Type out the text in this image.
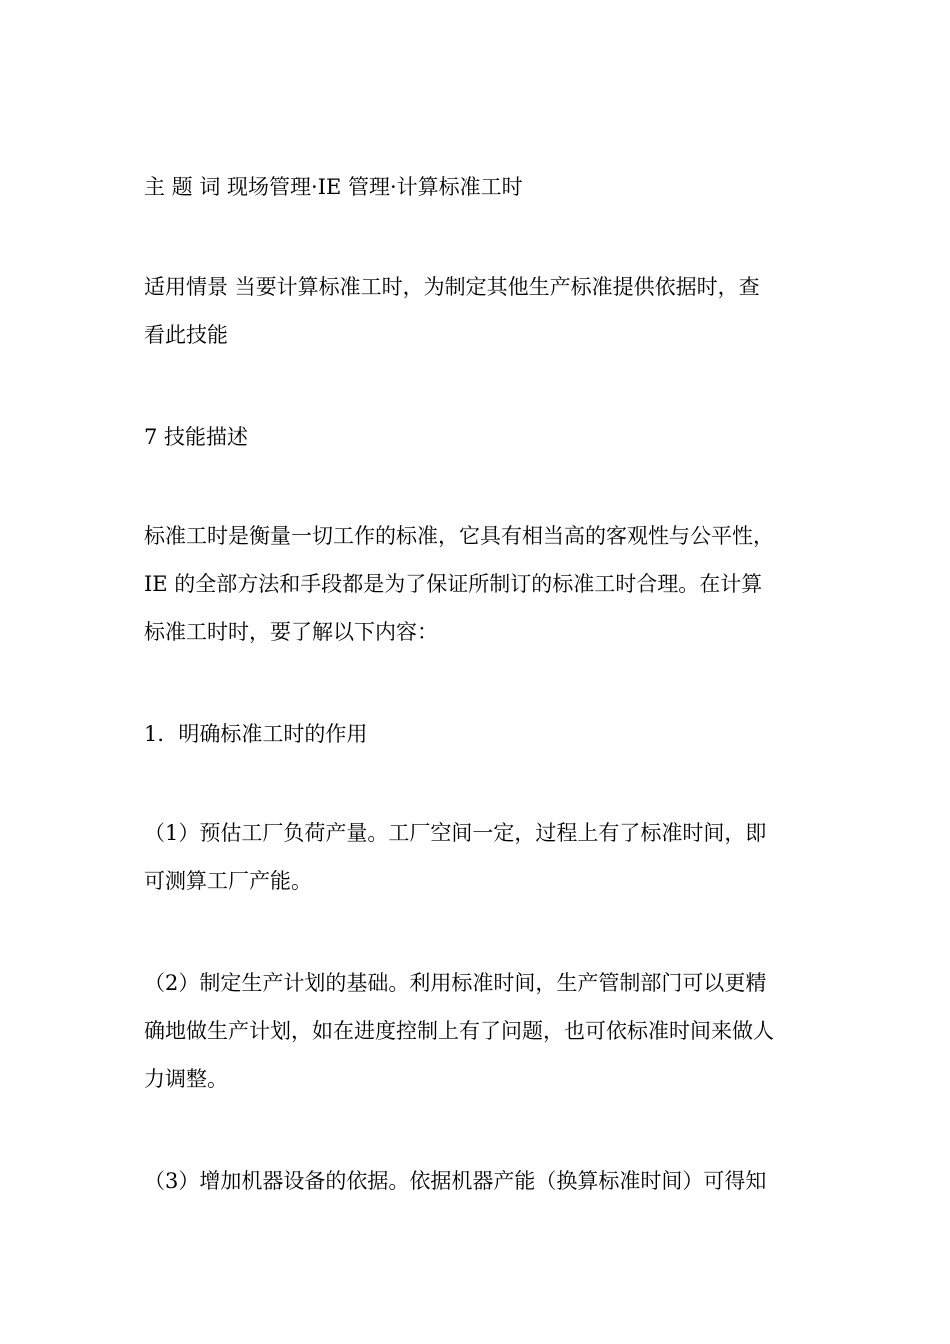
主 题 词 现场管理·IE 管理·计算标准工时

适用情景 当要计算标准工时，为制定其他生产标准提供依据时，查
看此技能

7 技能描述

标准工时是衡量一切工作的标准，它具有相当高的客观性与公平性，
IE 的全部方法和手段都是为了保证所制订的标准工时合理。在计算
标准工时时，要了解以下内容：

1．明确标准工时的作用

（1）预估工厂负荷产量。工厂空间一定，过程上有了标准时间，即
可测算工厂产能。

（2）制定生产计划的基础。利用标准时间，生产管制部门可以更精
确地做生产计划，如在进度控制上有了问题，也可依标准时间来做人
力调整。

（3）增加机器设备的依据。依据机器产能（换算标准时间）可得知
